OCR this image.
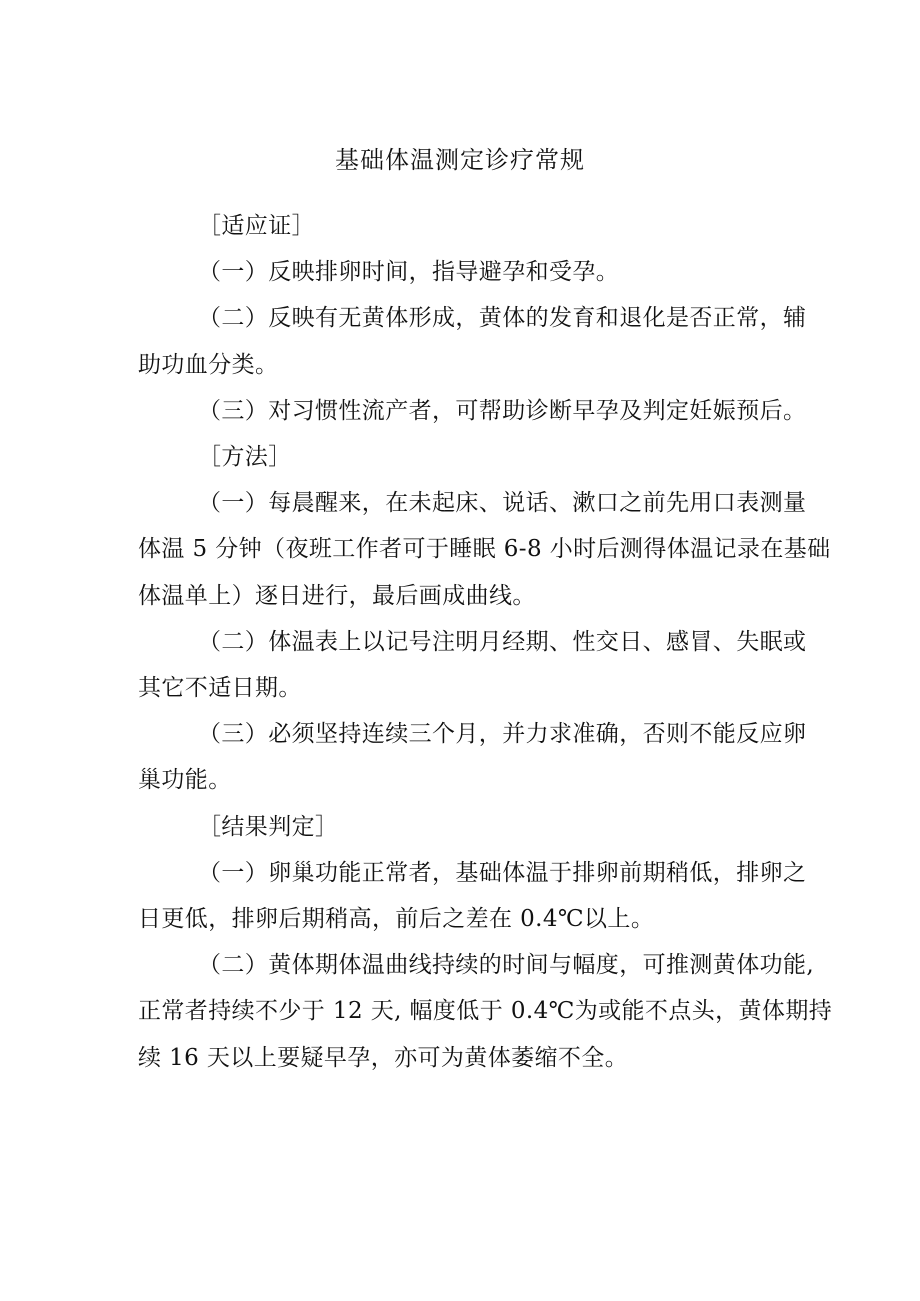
基础体温测定诊疗常规
［适应证］
（一）反映排卵时间，指导避孕和受孕。
（二）反映有无黄体形成，黄体的发育和退化是否正常，辅
助功血分类。
（三）对习惯性流产者，可帮助诊断早孕及判定妊娠预后。
［方法］
（一）每晨醒来，在未起床、说话、漱口之前先用口表测量
体温 5 分钟（夜班工作者可于睡眠 6-8 小时后测得体温记录在基础
体温单上）逐日进行，最后画成曲线。
（二）体温表上以记号注明月经期、性交日、感冒、失眠或
其它不适日期。
（三）必须坚持连续三个月，并力求准确，否则不能反应卵
巢功能。
［结果判定］
（一）卵巢功能正常者，基础体温于排卵前期稍低，排卵之
日更低，排卵后期稍高，前后之差在 0.4℃以上。
（二）黄体期体温曲线持续的时间与幅度，可推测黄体功能,
正常者持续不少于 12 天, 幅度低于 0.4℃为或能不点头，黄体期持
续 16 天以上要疑早孕，亦可为黄体萎缩不全。
